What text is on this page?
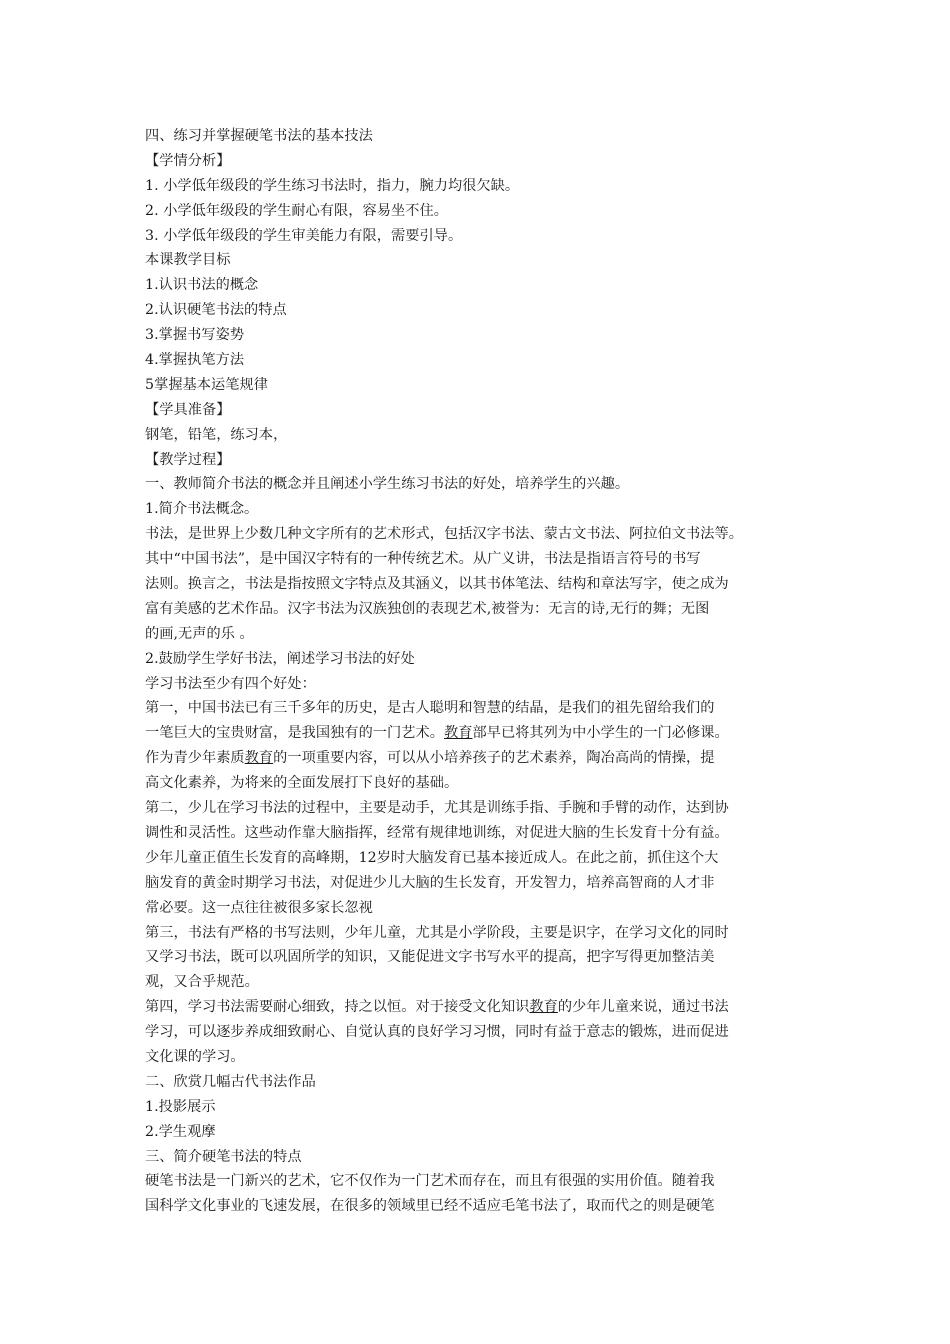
四、练习并掌握硬笔书法的基本技法
【学情分析】
1. 小学低年级段的学生练习书法时，指力，腕力均很欠缺。
2. 小学低年级段的学生耐心有限，容易坐不住。
3. 小学低年级段的学生审美能力有限，需要引导。
本课教学目标
1.认识书法的概念
2.认识硬笔书法的特点
3.掌握书写姿势
4.掌握执笔方法
5掌握基本运笔规律
【学具准备】
钢笔，铅笔，练习本，
【教学过程】
一、教师简介书法的概念并且阐述小学生练习书法的好处，培养学生的兴趣。
1.简介书法概念。
书法，是世界上少数几种文字所有的艺术形式，包括汉字书法、蒙古文书法、阿拉伯文书法等。
其中“中国书法”，是中国汉字特有的一种传统艺术。从广义讲，书法是指语言符号的书写
法则。换言之，书法是指按照文字特点及其涵义，以其书体笔法、结构和章法写字，使之成为
富有美感的艺术作品。汉字书法为汉族独创的表现艺术,被誉为：无言的诗,无行的舞；无图
的画,无声的乐 。
2.鼓励学生学好书法，阐述学习书法的好处
学习书法至少有四个好处：
第一，中国书法已有三千多年的历史，是古人聪明和智慧的结晶，是我们的祖先留给我们的
一笔巨大的宝贵财富，是我国独有的一门艺术。教育部早已将其列为中小学生的一门必修课。
作为青少年素质教育的一项重要内容，可以从小培养孩子的艺术素养，陶冶高尚的情操，提
高文化素养，为将来的全面发展打下良好的基础。
第二，少儿在学习书法的过程中，主要是动手，尤其是训练手指、手腕和手臂的动作，达到协
调性和灵活性。这些动作靠大脑指挥，经常有规律地训练，对促进大脑的生长发育十分有益。
少年儿童正值生长发育的高峰期，12岁时大脑发育已基本接近成人。在此之前，抓住这个大
脑发育的黄金时期学习书法，对促进少儿大脑的生长发育，开发智力，培养高智商的人才非
常必要。这一点往往被很多家长忽视
第三，书法有严格的书写法则，少年儿童，尤其是小学阶段，主要是识字，在学习文化的同时
又学习书法，既可以巩固所学的知识，又能促进文字书写水平的提高，把字写得更加整洁美
观，又合乎规范。
第四，学习书法需要耐心细致，持之以恒。对于接受文化知识教育的少年儿童来说，通过书法
学习，可以逐步养成细致耐心、自觉认真的良好学习习惯，同时有益于意志的锻炼，进而促进
文化课的学习。
二、欣赏几幅古代书法作品
1.投影展示
2.学生观摩
三、简介硬笔书法的特点
硬笔书法是一门新兴的艺术，它不仅作为一门艺术而存在，而且有很强的实用价值。随着我
国科学文化事业的飞速发展，在很多的领域里已经不适应毛笔书法了，取而代之的则是硬笔
